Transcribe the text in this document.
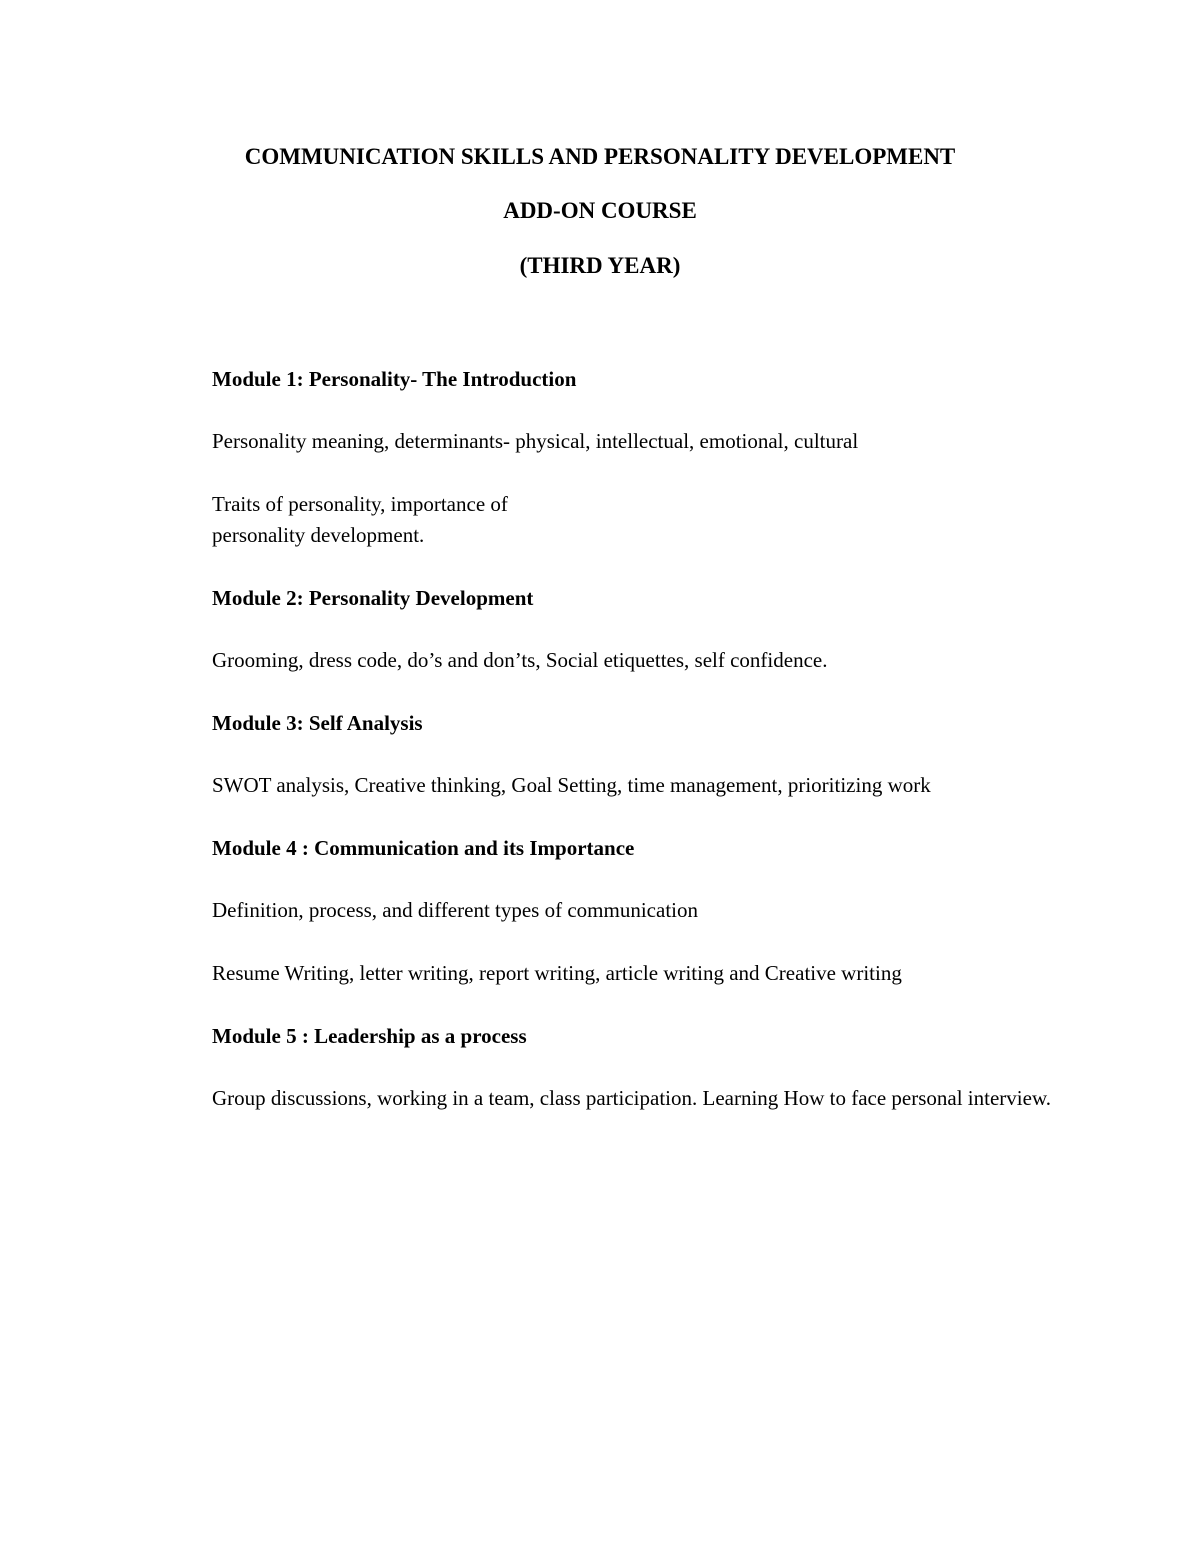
COMMUNICATION SKILLS AND PERSONALITY DEVELOPMENT
ADD-ON COURSE
(THIRD YEAR)
Module 1: Personality- The Introduction

Personality meaning, determinants- physical, intellectual, emotional, cultural

Traits of personality, importance of

personality development.

Module 2: Personality Development

Grooming, dress code, do’s and don’ts, Social etiquettes, self confidence.

Module 3: Self Analysis

SWOT analysis, Creative thinking, Goal Setting, time management, prioritizing work

Module 4 : Communication and its Importance

Definition, process, and different types of communication

Resume Writing, letter writing, report writing, article writing and Creative writing

Module 5 : Leadership as a process

Group discussions, working in a team, class participation. Learning How to face personal interview.
